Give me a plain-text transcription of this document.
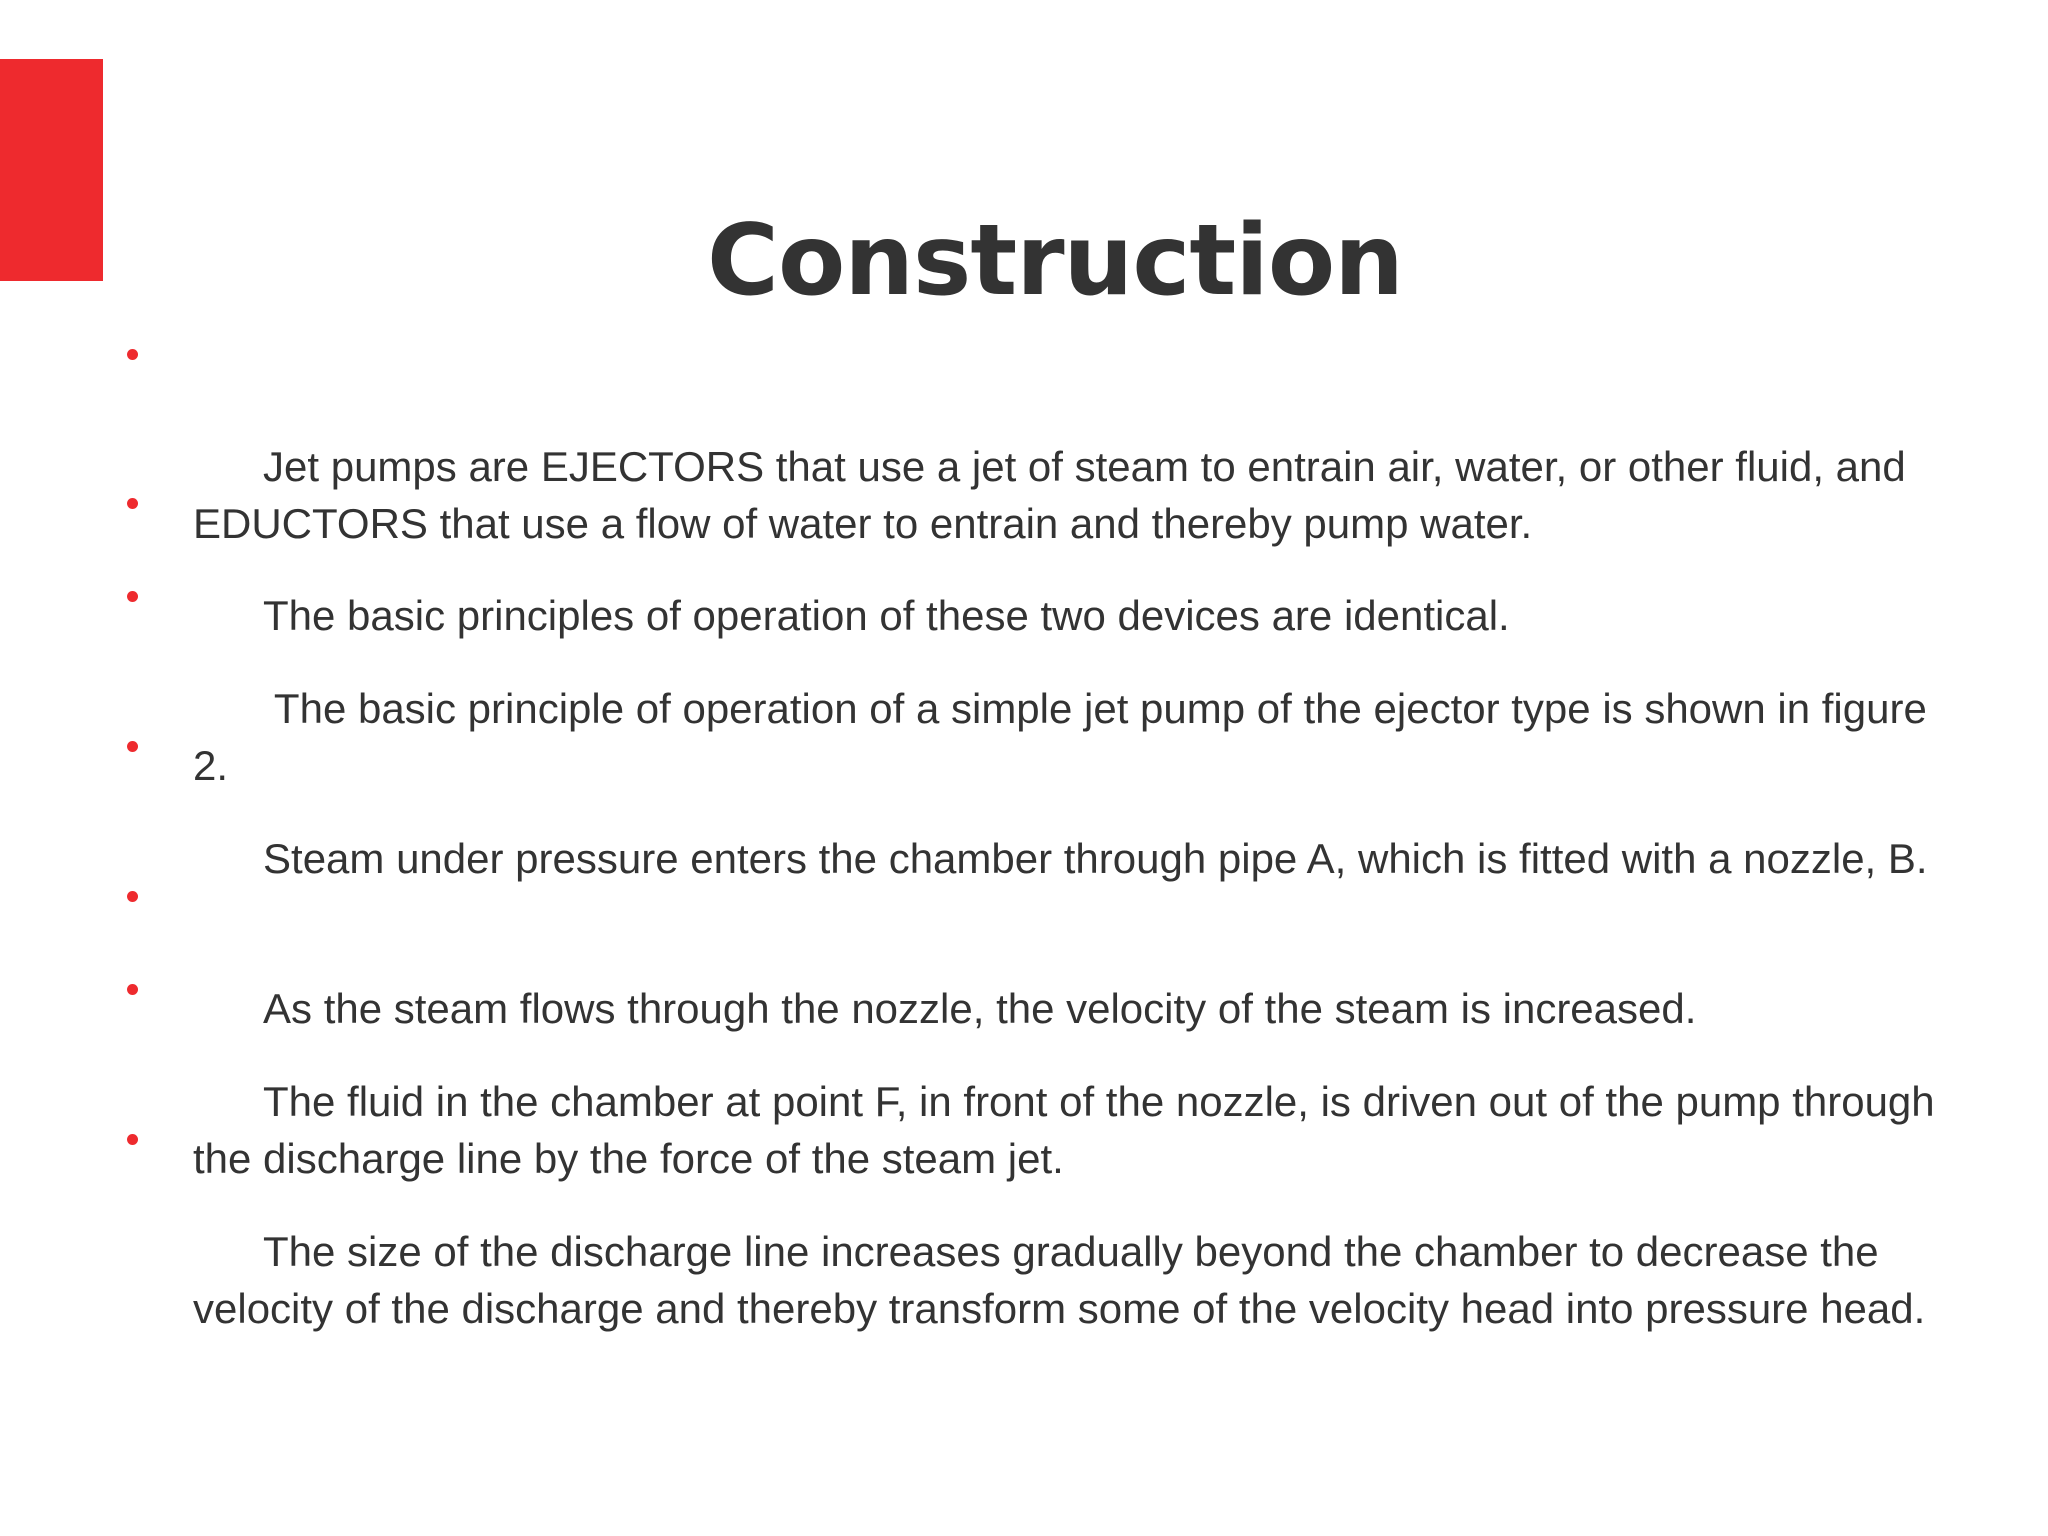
Construction

Jet pumps are EJECTORS that use a jet of steam to entrain air, water, or other fluid, and EDUCTORS that use a flow of water to entrain and thereby pump water.

The basic principles of operation of these two devices are identical.

The basic principle of operation of a simple jet pump of the ejector type is shown in figure 2.

Steam under pressure enters the chamber through pipe A, which is fitted with a nozzle, B.

As the steam flows through the nozzle, the velocity of the steam is increased.

The fluid in the chamber at point F, in front of the nozzle, is driven out of the pump through the discharge line by the force of the steam jet.

The size of the discharge line increases gradually beyond the chamber to decrease the velocity of the discharge and thereby transform some of the velocity head into pressure head.
